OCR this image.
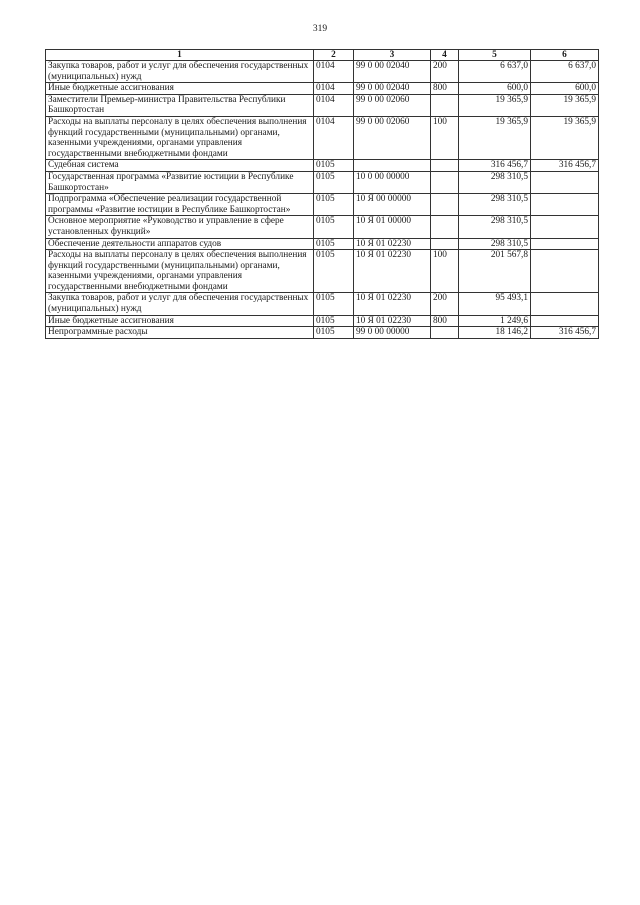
319
1	2	3	4	5	6
Закупка товаров, работ и услуг для обеспечения государственных (муниципальных) нужд	0104	99 0 00 02040	200	6 637,0	6 637,0
Иные бюджетные ассигнования	0104	99 0 00 02040	800	600,0	600,0
Заместители Премьер-министра Правительства Республики Башкортостан	0104	99 0 00 02060		19 365,9	19 365,9
Расходы на выплаты персоналу в целях обеспечения выполнения функций государственными (муниципальными) органами, казенными учреждениями, органами управления государственными внебюджетными фондами	0104	99 0 00 02060	100	19 365,9	19 365,9
Судебная система	0105			316 456,7	316 456,7
Государственная программа «Развитие юстиции в Республике Башкортостан»	0105	10 0 00 00000		298 310,5	
Подпрограмма «Обеспечение реализации государственной программы «Развитие юстиции в Республике Башкортостан»	0105	10 Я 00 00000		298 310,5	
Основное мероприятие «Руководство и управление в сфере установленных функций»	0105	10 Я 01 00000		298 310,5	
Обеспечение деятельности аппаратов судов	0105	10 Я 01 02230		298 310,5	
Расходы на выплаты персоналу в целях обеспечения выполнения функций государственными (муниципальными) органами, казенными учреждениями, органами управления государственными внебюджетными фондами	0105	10 Я 01 02230	100	201 567,8	
Закупка товаров, работ и услуг для обеспечения государственных (муниципальных) нужд	0105	10 Я 01 02230	200	95 493,1	
Иные бюджетные ассигнования	0105	10 Я 01 02230	800	1 249,6	
Непрограммные расходы	0105	99 0 00 00000		18 146,2	316 456,7
